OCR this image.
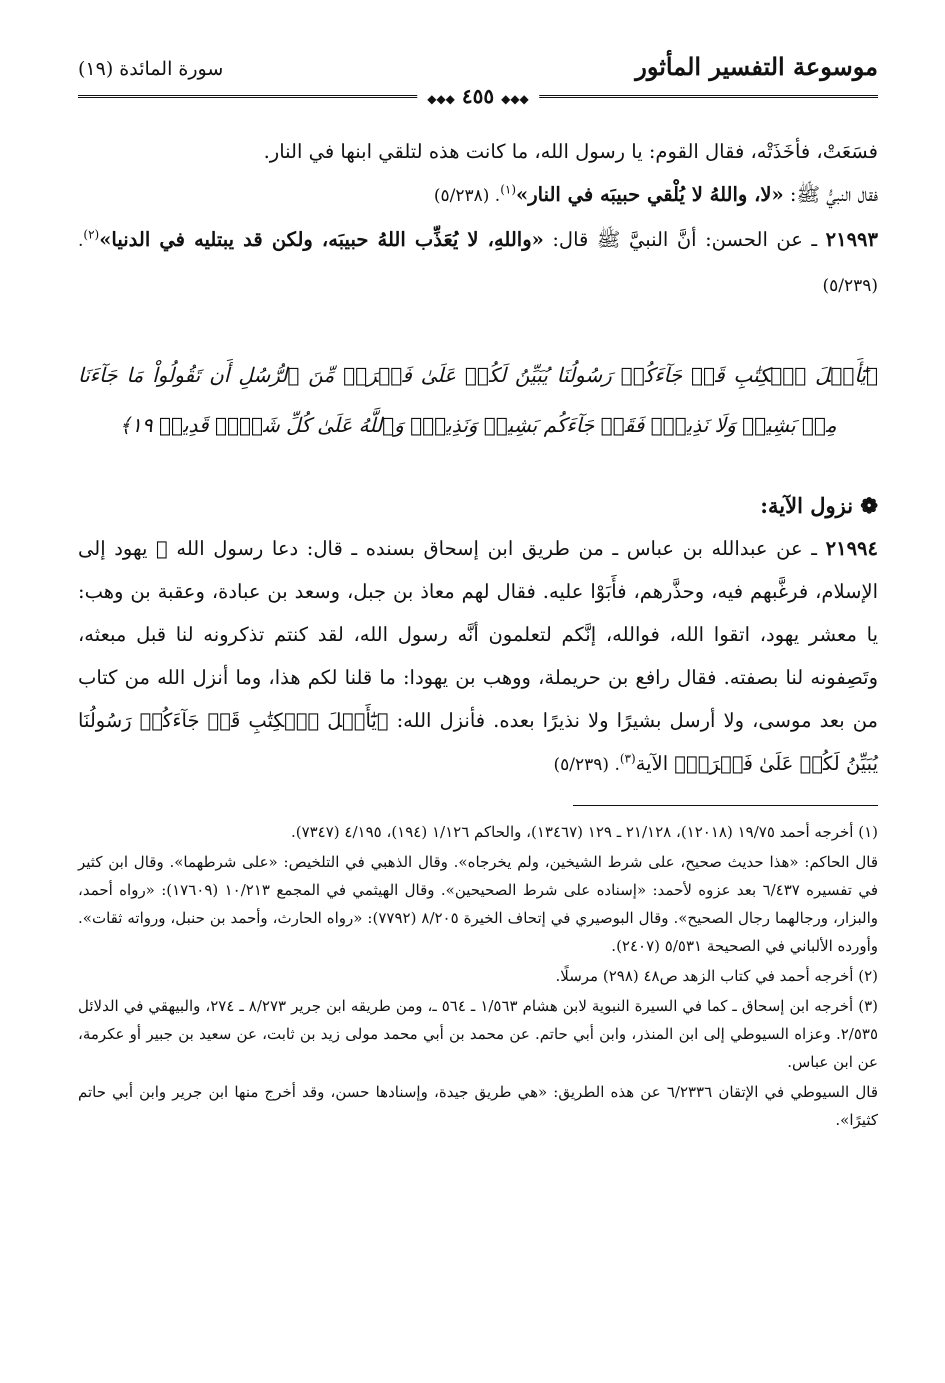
موسوعة التفسير المأثور
سورة المائدة (١٩)
◆◆◆ ٤٥٥ ◆◆◆

فسَعَتْ، فأخَذَتْه، فقال القوم: يا رسول الله، ما كانت هذه لتلقي ابنها في النار.

فقال النبيُّ ﷺ: «لا، واللهُ لا يُلْقي حبيبَه في النار»$^{(١)}$. (٥/٢٣٨)

٢١٩٩٣ ـ عن الحسن: أنَّ النبيَّ ﷺ قال: «واللهِ، لا يُعَذِّب اللهُ حبيبَه، ولكن قد يبتليه في الدنيا»$^{(٢)}$. (٥/٢٣٩)

﴿يَٰٓأَهۡلَ ٱلۡكِتَٰبِ قَدۡ جَآءَكُمۡ رَسُولُنَا يُبَيِّنُ لَكُمۡ عَلَىٰ فَتۡرَةٖ مِّنَ ٱلرُّسُلِ أَن تَقُولُواْ مَا جَآءَنَا مِنۢ بَشِيرٖ وَلَا نَذِيرٖۖ فَقَدۡ جَآءَكُم بَشِيرٞ وَنَذِيرٞۗ وَٱللَّهُ عَلَىٰ كُلِّ شَيۡءٖ قَدِيرٞ ١٩﴾
❁ نزول الآية:

٢١٩٩٤ ـ عن عبدالله بن عباس ـ من طريق ابن إسحاق بسنده ـ قال: دعا رسول الله ﷺ يهود إلى الإسلام، فرغَّبهم فيه، وحذَّرهم، فأَبَوْا عليه. فقال لهم معاذ بن جبل، وسعد بن عبادة، وعقبة بن وهب: يا معشر يهود، اتقوا الله، فوالله، إنَّكم لتعلمون أنَّه رسول الله، لقد كنتم تذكرونه لنا قبل مبعثه، وتَصِفونه لنا بصفته. فقال رافع بن حريملة، ووهب بن يهودا: ما قلنا لكم هذا، وما أنزل الله من كتاب من بعد موسى، ولا أرسل بشيرًا ولا نذيرًا بعده. فأنزل الله: ﴿يَٰٓأَهۡلَ ٱلۡكِتَٰبِ قَدۡ جَآءَكُمۡ رَسُولُنَا يُبَيِّنُ لَكُمۡ عَلَىٰ فَتۡرَةٖ﴾ الآية$^{(٣)}$. (٥/٢٣٩)

(١) أخرجه أحمد ١٩/٧٥ (١٢٠١٨)، ٢١/١٢٨ ـ ١٢٩ (١٣٤٦٧)، والحاكم ١/١٢٦ (١٩٤)، ٤/١٩٥ (٧٣٤٧).

قال الحاكم: «هذا حديث صحيح، على شرط الشيخين، ولم يخرجاه». وقال الذهبي في التلخيص: «على شرطهما». وقال ابن كثير في تفسيره ٦/٤٣٧ بعد عزوه لأحمد: «إسناده على شرط الصحيحين». وقال الهيثمي في المجمع ١٠/٢١٣ (١٧٦٠٩): «رواه أحمد، والبزار، ورجالهما رجال الصحيح». وقال البوصيري في إتحاف الخيرة ٨/٢٠٥ (٧٧٩٢): «رواه الحارث، وأحمد بن حنبل، ورواته ثقات». وأورده الألباني في الصحيحة ٥/٥٣١ (٢٤٠٧).

(٢) أخرجه أحمد في كتاب الزهد ص٤٨ (٢٩٨) مرسلًا.

(٣) أخرجه ابن إسحاق ـ كما في السيرة النبوية لابن هشام ١/٥٦٣ ـ ٥٦٤ ـ، ومن طريقه ابن جرير ٨/٢٧٣ ـ ٢٧٤، والبيهقي في الدلائل ٢/٥٣٥. وعزاه السيوطي إلى ابن المنذر، وابن أبي حاتم. عن محمد بن أبي محمد مولى زيد بن ثابت، عن سعيد بن جبير أو عكرمة، عن ابن عباس.

قال السيوطي في الإتقان ٦/٢٣٣٦ عن هذه الطريق: «هي طريق جيدة، وإسنادها حسن، وقد أخرج منها ابن جرير وابن أبي حاتم كثيرًا».
